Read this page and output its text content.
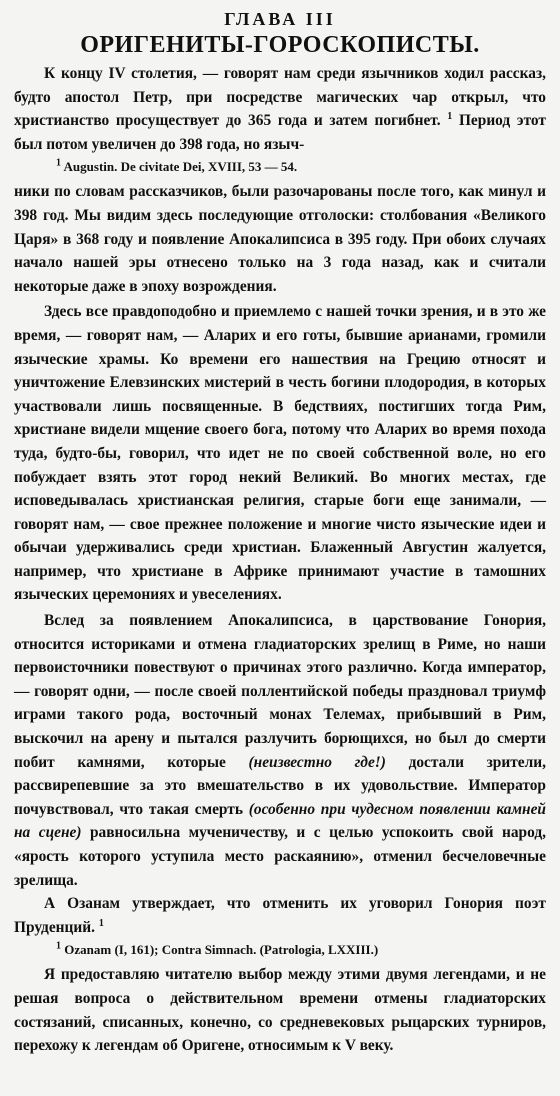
ГЛАВА III
ОРИГЕНИТЫ-ГОРОСКОПИСТЫ.

К концу IV столетия, — говорят нам среди язычников ходил рассказ, будто апостол Петр, при посредстве магических чар открыл, что христианство просуществует до 365 года и затем погибнет. $^1$ Период этот был потом увеличен до 398 года, но языч-

$^1$ Augustin. De civitate Dei, XVIII, 53 — 54.

ники по словам рассказчиков, были разочарованы после того, как минул и 398 год. Мы видим здесь последующие отголоски: столбования «Великого Царя» в 368 году и появление Апокалипсиса в 395 году. При обоих случаях начало нашей эры отнесено только на 3 года назад, как и считали некоторые даже в эпоху возрождения.

Здесь все правдоподобно и приемлемо с нашей точки зрения, и в это же время, — говорят нам, — Аларих и его готы, бывшие арианами, громили языческие храмы. Ко времени его нашествия на Грецию относят и уничтожение Елевзинских мистерий в честь богини плодородия, в которых участвовали лишь посвященные. В бедствиях, постигших тогда Рим, христиане видели мщение своего бога, потому что Аларих во время похода туда, будто-бы, говорил, что идет не по своей собственной воле, но его побуждает взять этот город некий Великий. Во многих местах, где исповедывалась христианская религия, старые боги еще занимали, — говорят нам, — свое прежнее положение и многие чисто языческие идеи и обычаи удерживались среди христиан. Блаженный Августин жалуется, например, что христиане в Африке принимают участие в тамошних языческих церемониях и увеселениях.

Вслед за появлением Апокалипсиса, в царствование Гонория, относится историками и отмена гладиаторских зрелищ в Риме, но наши первоисточники повествуют о причинах этого различно. Когда император, — говорят одни, — после своей поллентийской победы праздновал триумф играми такого рода, восточный монах Телемах, прибывший в Рим, выскочил на арену и пытался разлучить борющихся, но был до смерти побит камнями, которые (неизвестно где!) достали зрители, рассвирепевшие за это вмешательство в их удовольствие. Император почувствовал, что такая смерть (особенно при чудесном появлении камней на сцене) равносильна мученичеству, и с целью успокоить свой народ, «ярость которого уступила место раскаянию», отменил бесчеловечные зрелища.

А Озанам утверждает, что отменить их уговорил Гонория поэт Пруденций. $^1$

$^1$ Ozanam (I, 161); Contra Simnach. (Patrologia, LXXIII.)

Я предоставляю читателю выбор между этими двумя легендами, и не решая вопроса о действительном времени отмены гладиаторских состязаний, списанных, конечно, со средневековых рыцарских турниров, перехожу к легендам об Оригене, относимым к V веку.
